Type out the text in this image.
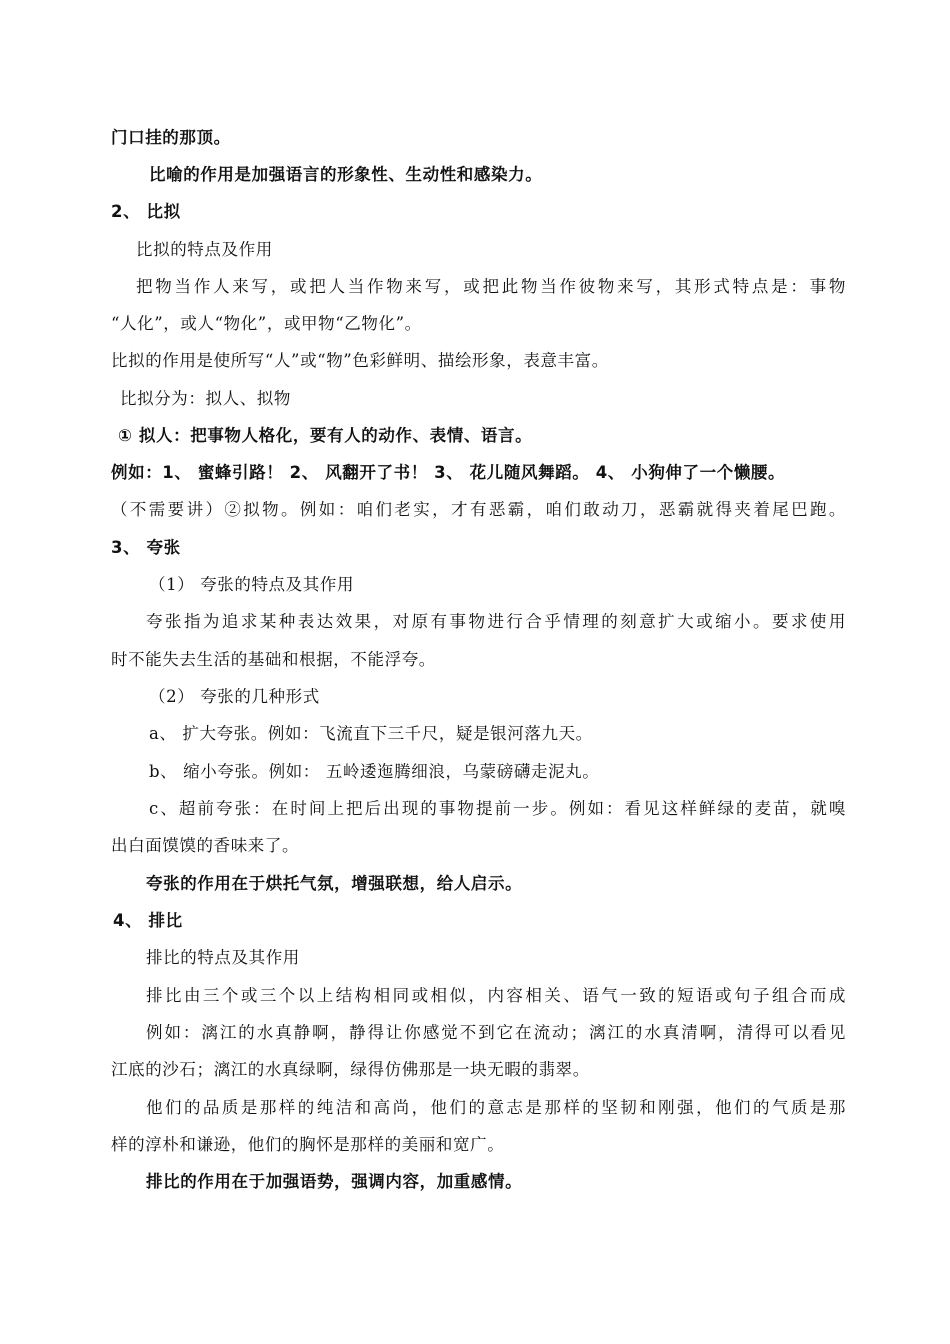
门口挂的那顶。
比喻的作用是加强语言的形象性、生动性和感染力。
2、 比拟
比拟的特点及作用
把物当作人来写，或把人当作物来写，或把此物当作彼物来写，其形式特点是：事物
“人化”，或人“物化”，或甲物“乙物化”。
比拟的作用是使所写“人”或“物”色彩鲜明、描绘形象，表意丰富。
比拟分为：拟人、拟物
① 拟人：把事物人格化，要有人的动作、表情、语言。
例如：1、 蜜蜂引路！ 2、 风翻开了书！ 3、 花儿随风舞蹈。 4、 小狗伸了一个懒腰。
（不需要讲）②拟物。例如：咱们老实，才有恶霸，咱们敢动刀，恶霸就得夹着尾巴跑。
3、 夸张
（1） 夸张的特点及其作用
夸张指为追求某种表达效果，对原有事物进行合乎情理的刻意扩大或缩小。要求使用
时不能失去生活的基础和根据，不能浮夸。
（2） 夸张的几种形式
a、 扩大夸张。例如：飞流直下三千尺，疑是银河落九天。
b、 缩小夸张。例如： 五岭逶迤腾细浪，乌蒙磅礴走泥丸。
c、超前夸张：在时间上把后出现的事物提前一步。例如：看见这样鲜绿的麦苗，就嗅
出白面馍馍的香味来了。
夸张的作用在于烘托气氛，增强联想，给人启示。
4、 排比
排比的特点及其作用
排比由三个或三个以上结构相同或相似，内容相关、语气一致的短语或句子组合而成
例如：漓江的水真静啊，静得让你感觉不到它在流动；漓江的水真清啊，清得可以看见
江底的沙石；漓江的水真绿啊，绿得仿佛那是一块无暇的翡翠。
他们的品质是那样的纯洁和高尚，他们的意志是那样的坚韧和刚强，他们的气质是那
样的淳朴和谦逊，他们的胸怀是那样的美丽和宽广。
排比的作用在于加强语势，强调内容，加重感情。
